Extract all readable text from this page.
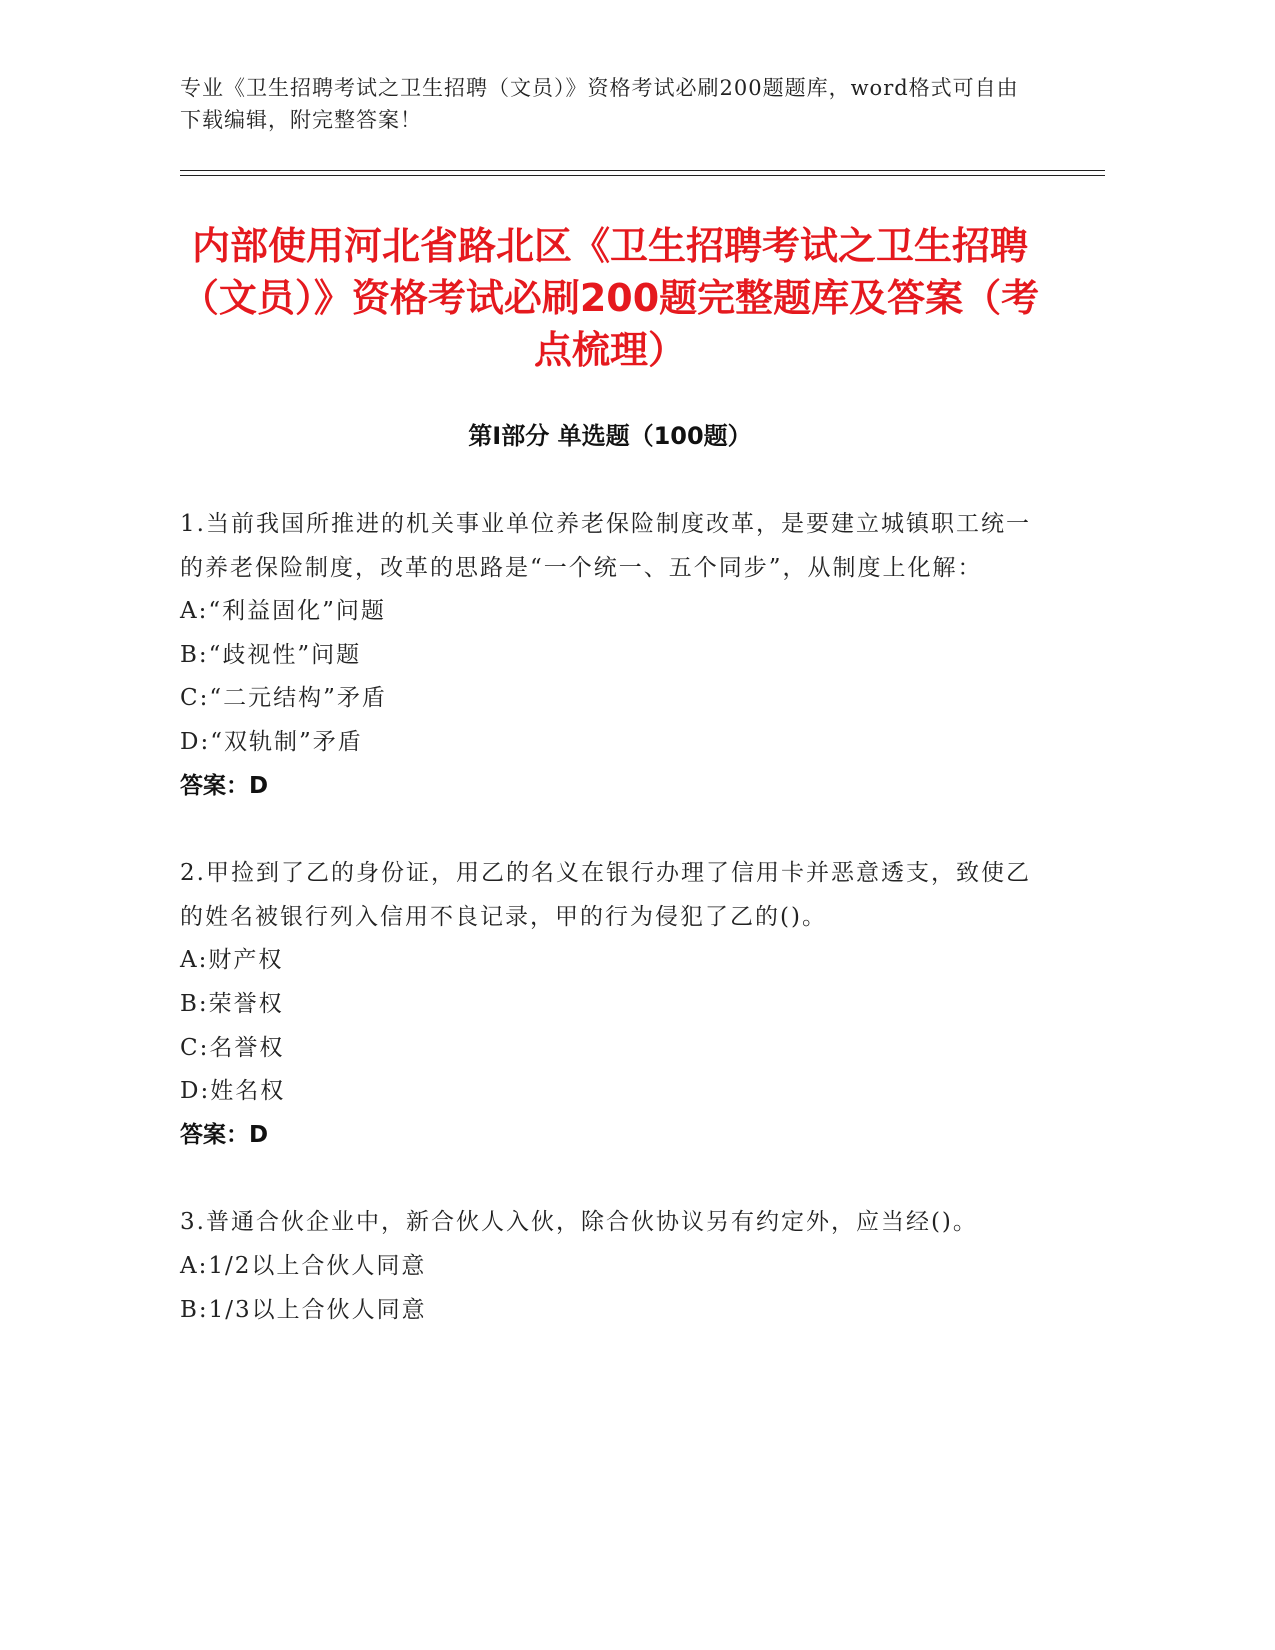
专业《卫生招聘考试之卫生招聘（文员）》资格考试必刷200题题库，word格式可自由下载编辑，附完整答案！
内部使用河北省路北区《卫生招聘考试之卫生招聘（文员）》资格考试必刷200题完整题库及答案（考点梳理）
第I部分 单选题（100题）

1.当前我国所推进的机关事业单位养老保险制度改革，是要建立城镇职工统一的养老保险制度，改革的思路是“一个统一、五个同步”，从制度上化解：

A:“利益固化”问题

B:“歧视性”问题

C:“二元结构”矛盾

D:“双轨制”矛盾

答案：D

2.甲捡到了乙的身份证，用乙的名义在银行办理了信用卡并恶意透支，致使乙的姓名被银行列入信用不良记录，甲的行为侵犯了乙的()。

A:财产权

B:荣誉权

C:名誉权

D:姓名权

答案：D

3.普通合伙企业中，新合伙人入伙，除合伙协议另有约定外，应当经()。

A:1/2以上合伙人同意

B:1/3以上合伙人同意
